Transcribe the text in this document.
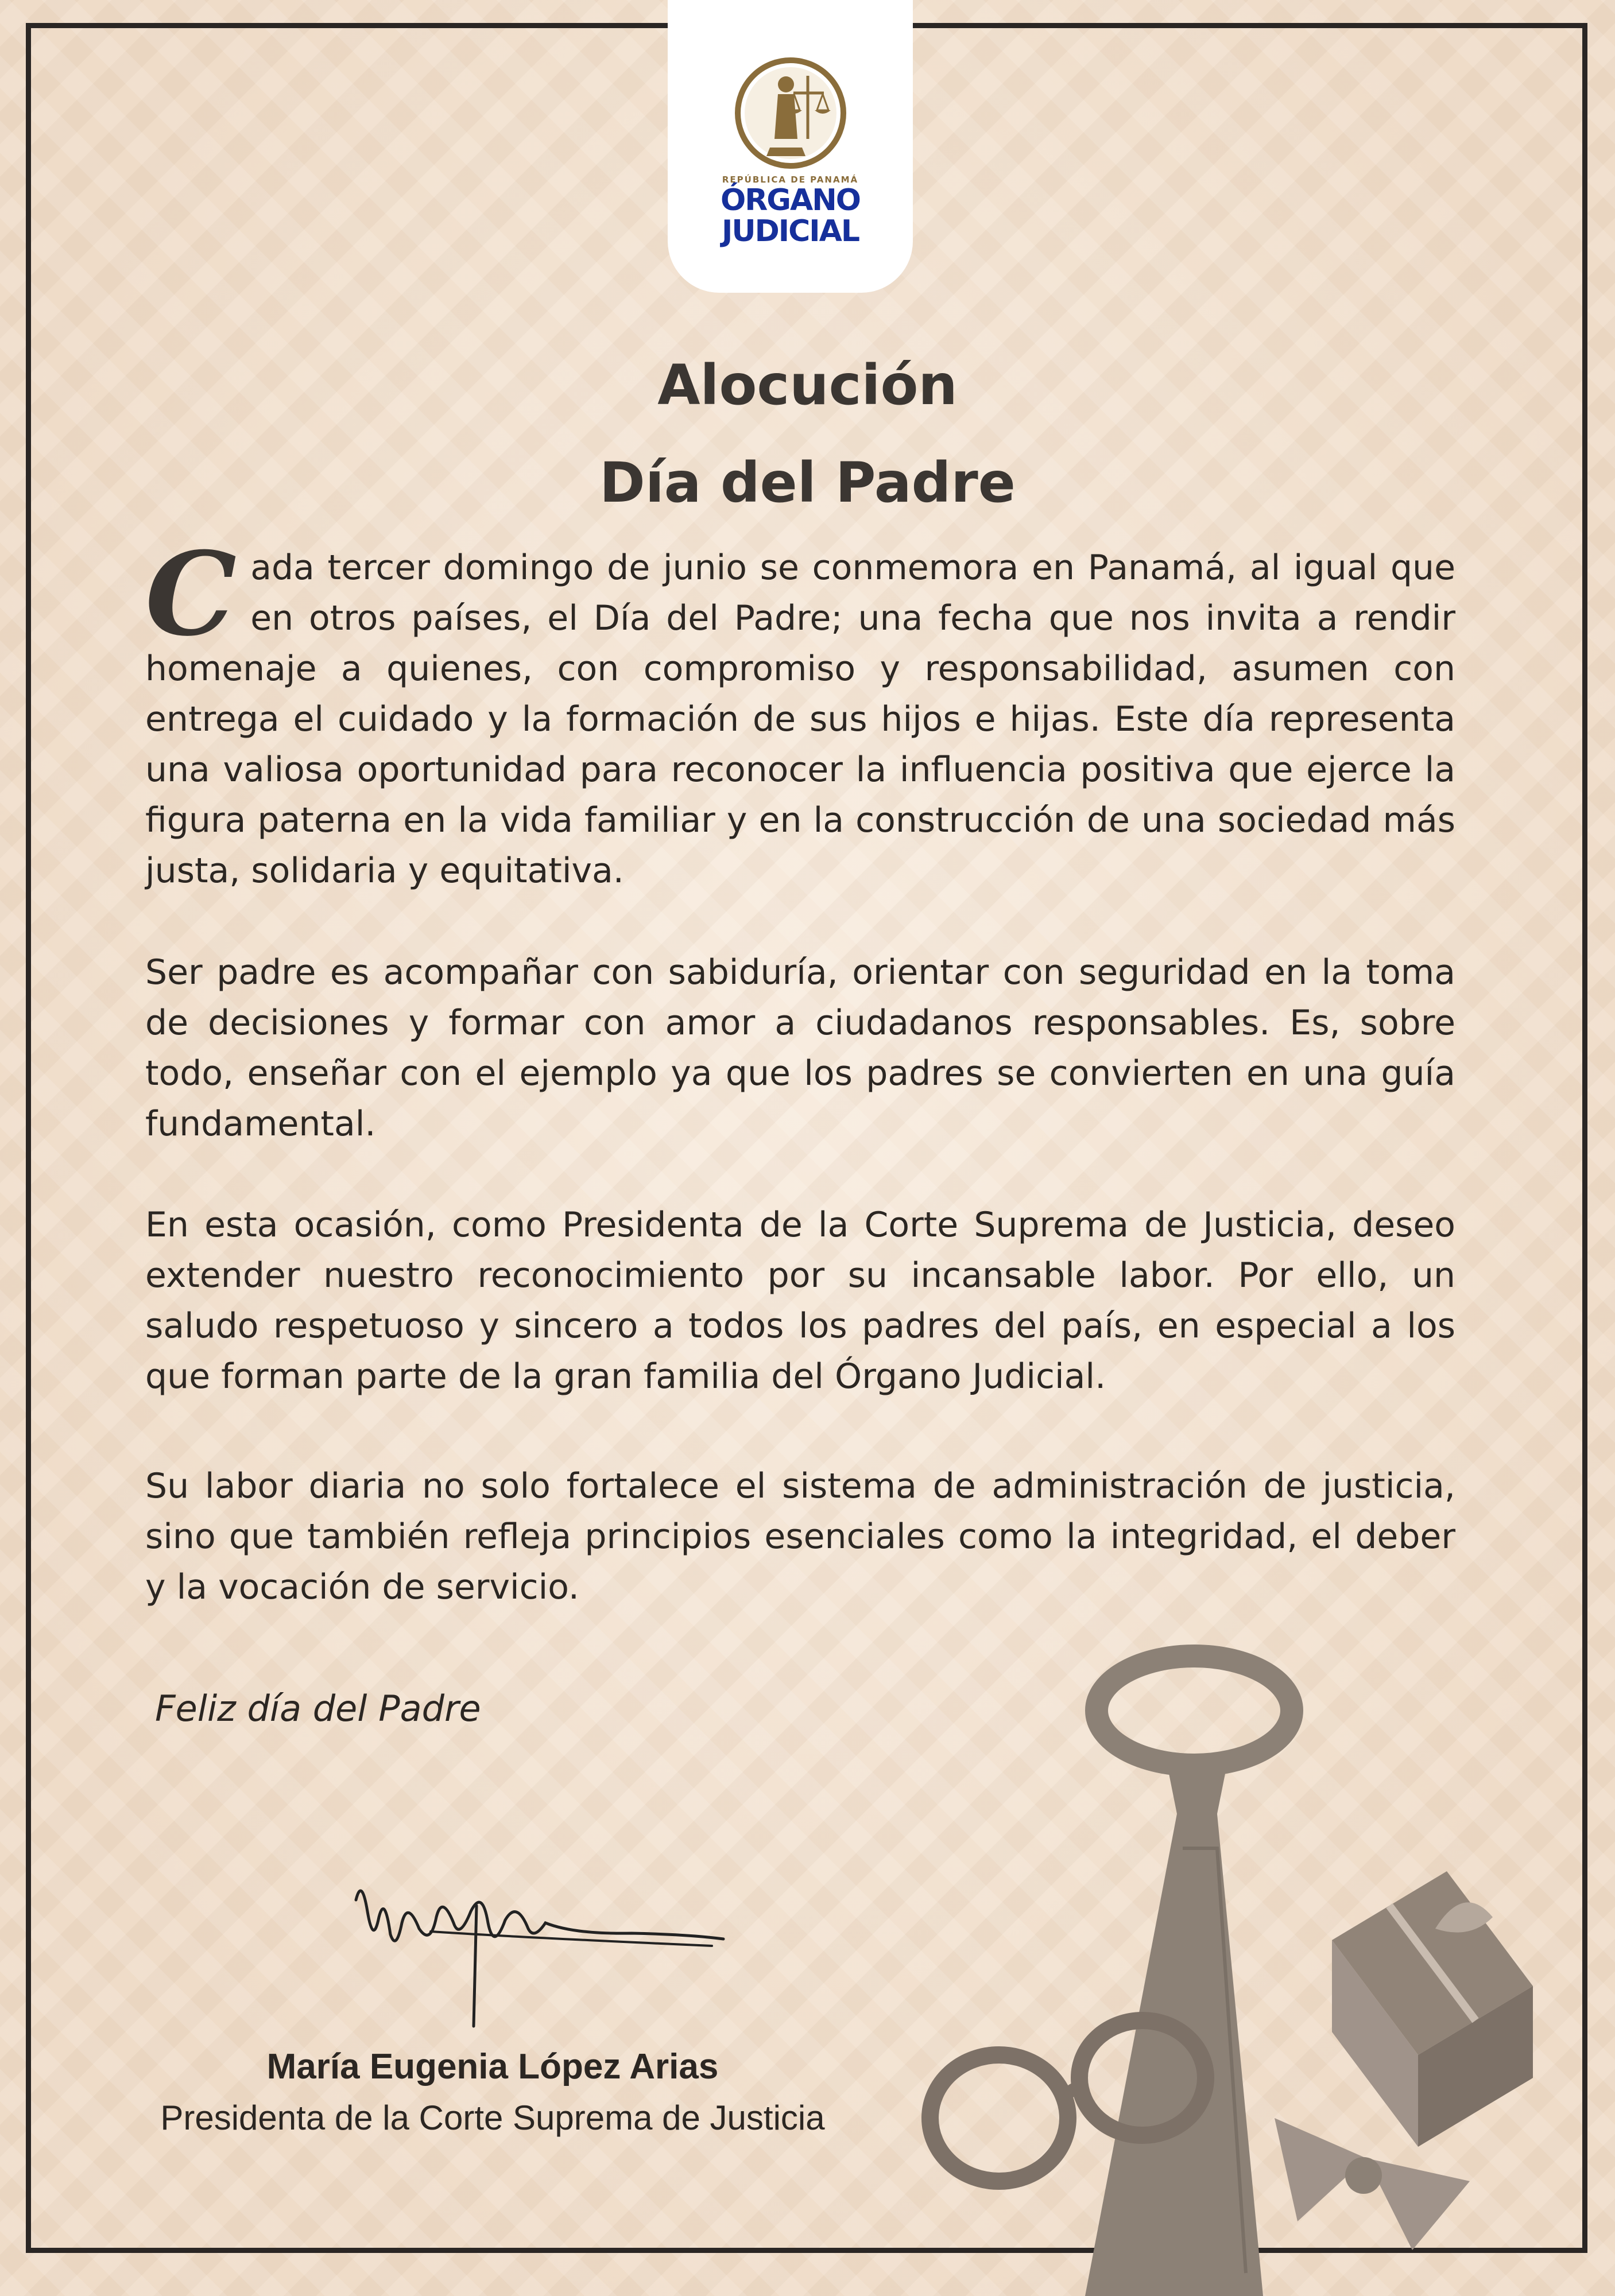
REPÚBLICA DE PANAMÁ
ÓRGANO
JUDICIAL
Alocución
Día del Padre
C ada tercer domingo de junio se conmemora en Panamá, al igual que en otros países, el Día del Padre; una fecha que nos invita a rendir homenaje a quienes, con compromiso y responsabilidad, asumen con entrega el cuidado y la formación de sus hijos e hijas. Este día representa una valiosa oportunidad para reconocer la influencia positiva que ejerce la figura paterna en la vida familiar y en la construcción de una sociedad más justa, solidaria y equitativa.
Ser padre es acompañar con sabiduría, orientar con seguridad en la toma de decisiones y formar con amor a ciudadanos responsables. Es, sobre todo, enseñar con el ejemplo ya que los padres se convierten en una guía fundamental.
En esta ocasión, como Presidenta de la Corte Suprema de Justicia, deseo extender nuestro reconocimiento por su incansable labor. Por ello, un saludo respetuoso y sincero a todos los padres del país, en especial a los que forman parte de la gran familia del Órgano Judicial.
Su labor diaria no solo fortalece el sistema de administración de justicia, sino que también refleja principios esenciales como la integridad, el deber y la vocación de servicio.
Feliz día del Padre
María Eugenia López Arias
Presidenta de la Corte Suprema de Justicia
